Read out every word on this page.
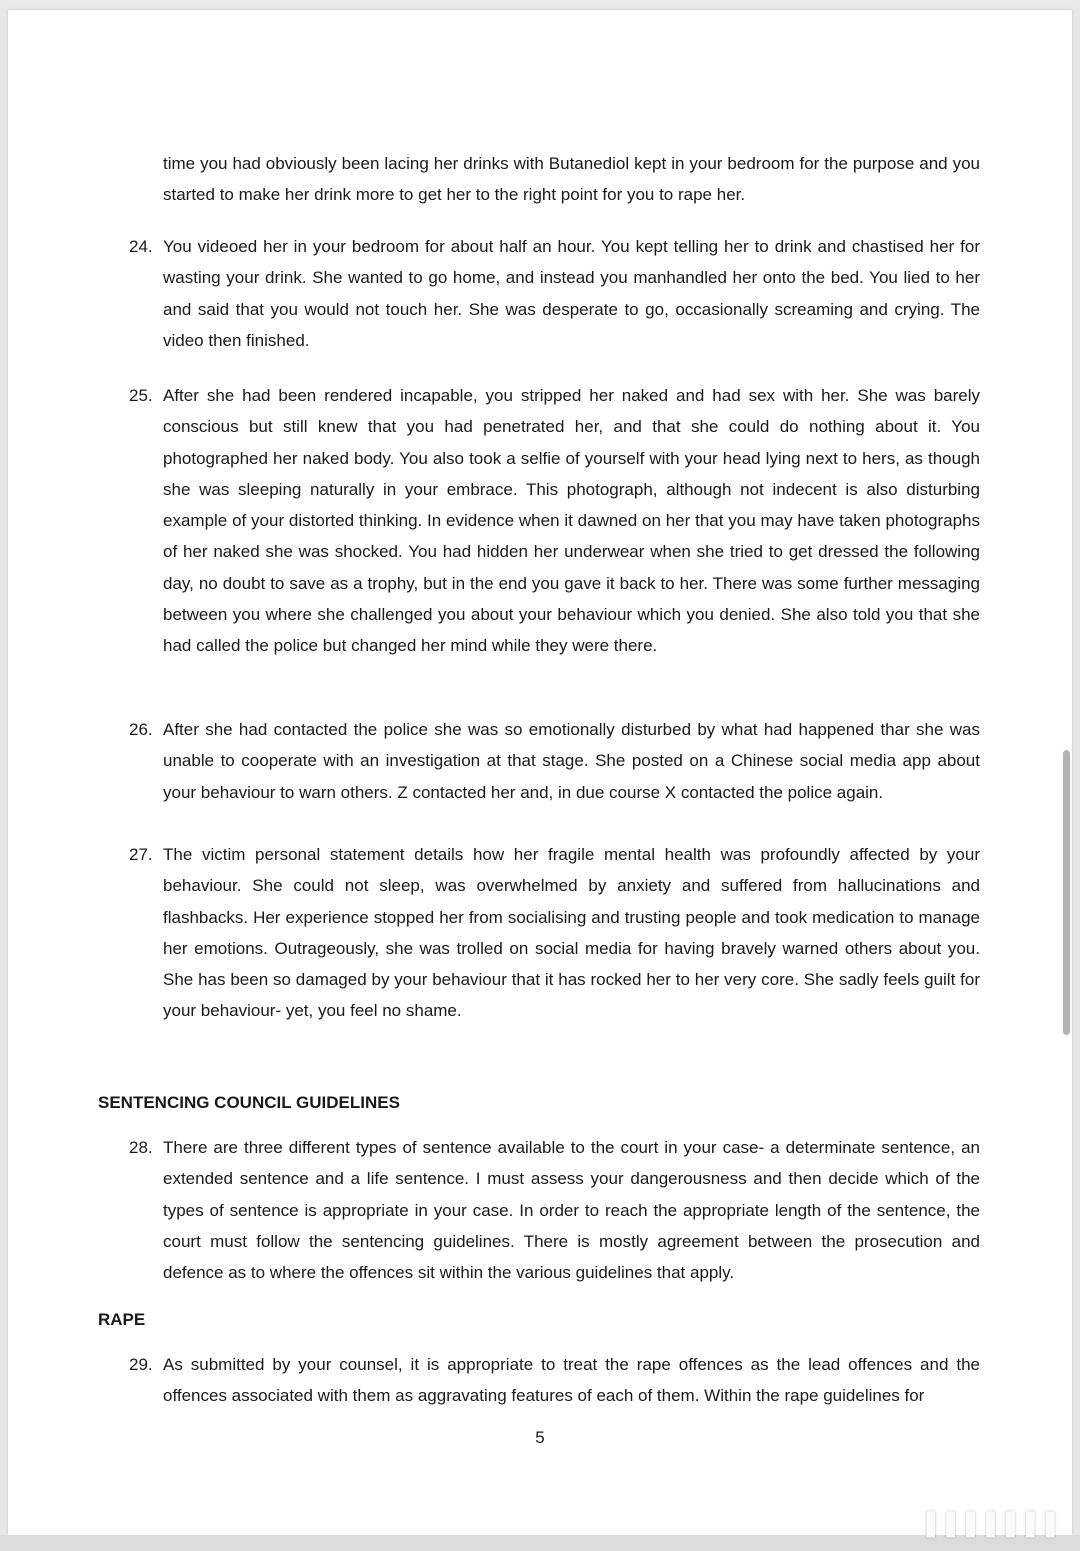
time you had obviously been lacing her drinks with Butanediol kept in your bedroom for the purpose and you started to make her drink more to get her to the right point for you to rape her.
24. You videoed her in your bedroom for about half an hour. You kept telling her to drink and chastised her for wasting your drink. She wanted to go home, and instead you manhandled her onto the bed. You lied to her and said that you would not touch her. She was desperate to go, occasionally screaming and crying. The video then finished.
25. After she had been rendered incapable, you stripped her naked and had sex with her. She was barely conscious but still knew that you had penetrated her, and that she could do nothing about it. You photographed her naked body. You also took a selfie of yourself with your head lying next to hers, as though she was sleeping naturally in your embrace. This photograph, although not indecent is also disturbing example of your distorted thinking. In evidence when it dawned on her that you may have taken photographs of her naked she was shocked. You had hidden her underwear when she tried to get dressed the following day, no doubt to save as a trophy, but in the end you gave it back to her. There was some further messaging between you where she challenged you about your behaviour which you denied. She also told you that she had called the police but changed her mind while they were there.
26. After she had contacted the police she was so emotionally disturbed by what had happened thar she was unable to cooperate with an investigation at that stage. She posted on a Chinese social media app about your behaviour to warn others. Z contacted her and, in due course X contacted the police again.
27. The victim personal statement details how her fragile mental health was profoundly affected by your behaviour. She could not sleep, was overwhelmed by anxiety and suffered from hallucinations and flashbacks. Her experience stopped her from socialising and trusting people and took medication to manage her emotions. Outrageously, she was trolled on social media for having bravely warned others about you. She has been so damaged by your behaviour that it has rocked her to her very core. She sadly feels guilt for your behaviour- yet, you feel no shame.
SENTENCING COUNCIL GUIDELINES
28. There are three different types of sentence available to the court in your case- a determinate sentence, an extended sentence and a life sentence. I must assess your dangerousness and then decide which of the types of sentence is appropriate in your case. In order to reach the appropriate length of the sentence, the court must follow the sentencing guidelines. There is mostly agreement between the prosecution and defence as to where the offences sit within the various guidelines that apply.
RAPE
29. As submitted by your counsel, it is appropriate to treat the rape offences as the lead offences and the offences associated with them as aggravating features of each of them. Within the rape guidelines for
5
▌▌▌▌▌▌▌
